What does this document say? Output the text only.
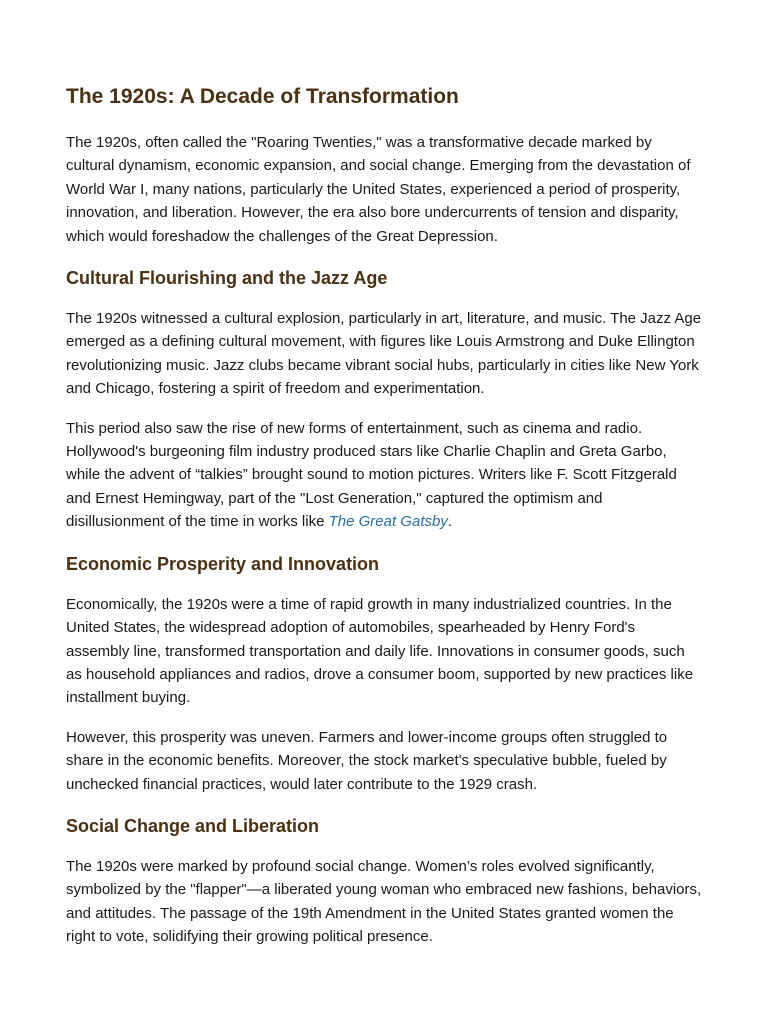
The 1920s: A Decade of Transformation

The 1920s, often called the "Roaring Twenties," was a transformative decade marked by cultural dynamism, economic expansion, and social change. Emerging from the devastation of World War I, many nations, particularly the United States, experienced a period of prosperity, innovation, and liberation. However, the era also bore undercurrents of tension and disparity, which would foreshadow the challenges of the Great Depression.

Cultural Flourishing and the Jazz Age

The 1920s witnessed a cultural explosion, particularly in art, literature, and music. The Jazz Age emerged as a defining cultural movement, with figures like Louis Armstrong and Duke Ellington revolutionizing music. Jazz clubs became vibrant social hubs, particularly in cities like New York and Chicago, fostering a spirit of freedom and experimentation.

This period also saw the rise of new forms of entertainment, such as cinema and radio. Hollywood's burgeoning film industry produced stars like Charlie Chaplin and Greta Garbo, while the advent of “talkies” brought sound to motion pictures. Writers like F. Scott Fitzgerald and Ernest Hemingway, part of the "Lost Generation," captured the optimism and disillusionment of the time in works like The Great Gatsby.

Economic Prosperity and Innovation

Economically, the 1920s were a time of rapid growth in many industrialized countries. In the United States, the widespread adoption of automobiles, spearheaded by Henry Ford's assembly line, transformed transportation and daily life. Innovations in consumer goods, such as household appliances and radios, drove a consumer boom, supported by new practices like installment buying.

However, this prosperity was uneven. Farmers and lower-income groups often struggled to share in the economic benefits. Moreover, the stock market's speculative bubble, fueled by unchecked financial practices, would later contribute to the 1929 crash.

Social Change and Liberation

The 1920s were marked by profound social change. Women’s roles evolved significantly, symbolized by the "flapper"—a liberated young woman who embraced new fashions, behaviors, and attitudes. The passage of the 19th Amendment in the United States granted women the right to vote, solidifying their growing political presence.
